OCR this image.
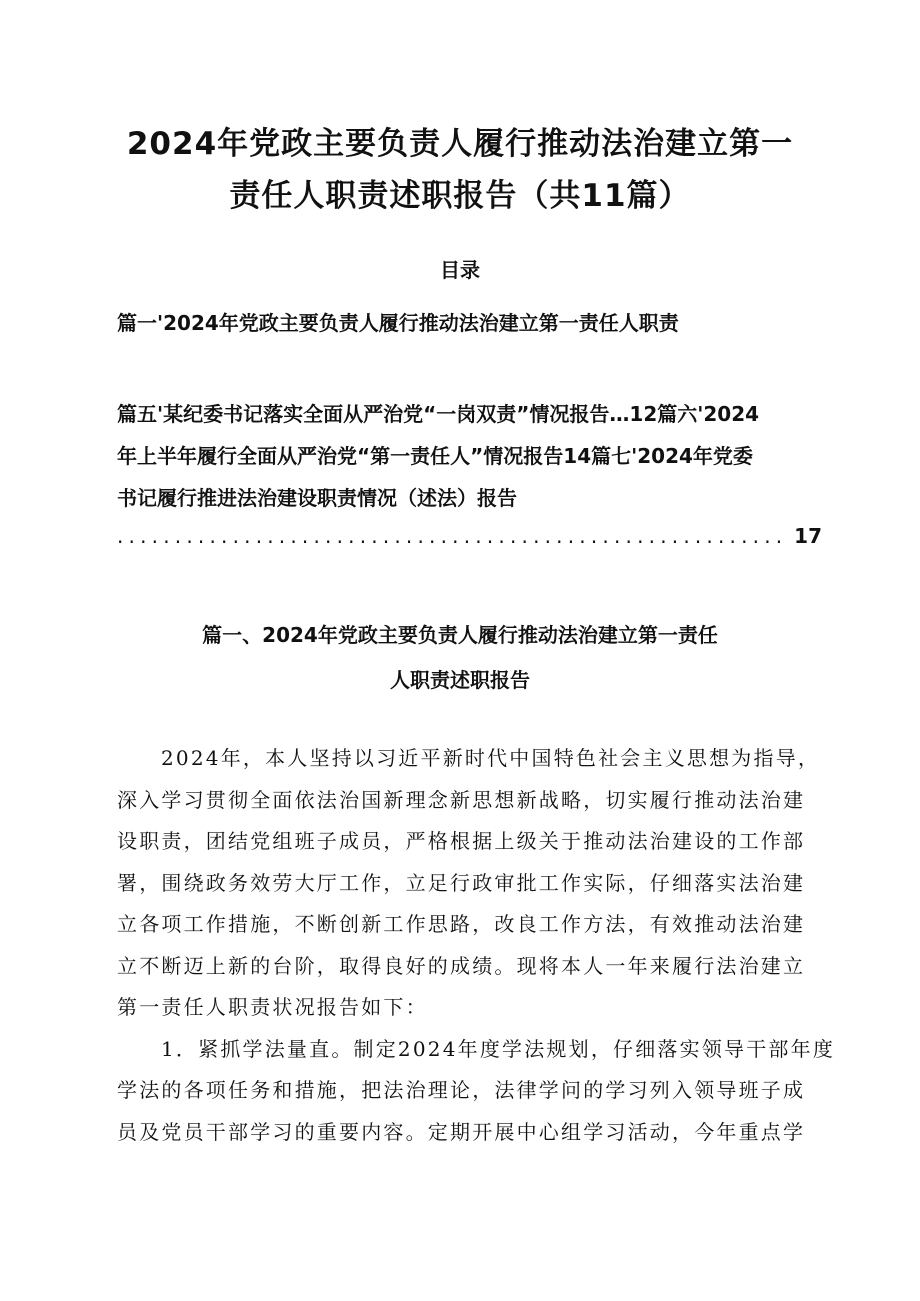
2024年党政主要负责人履行推动法治建立第一
责任人职责述职报告（共11篇）
目录
篇一'2024年党政主要负责人履行推动法治建立第一责任人职责
篇五'某纪委书记落实全面从严治党“一岗双责”情况报告…12篇六'2024
年上半年履行全面从严治党“第一责任人”情况报告14篇七'2024年党委
书记履行推进法治建设职责情况（述法）报告
.......................................................... 17
篇一、2024年党政主要负责人履行推动法治建立第一责任
人职责述职报告
2024年，本人坚持以习近平新时代中国特色社会主义思想为指导，
深入学习贯彻全面依法治国新理念新思想新战略，切实履行推动法治建
设职责，团结党组班子成员，严格根据上级关于推动法治建设的工作部
署，围绕政务效劳大厅工作，立足行政审批工作实际，仔细落实法治建
立各项工作措施，不断创新工作思路，改良工作方法，有效推动法治建
立不断迈上新的台阶，取得良好的成绩。现将本人一年来履行法治建立
第一责任人职责状况报告如下：
1．紧抓学法量直。制定2024年度学法规划，仔细落实领导干部年度
学法的各项任务和措施，把法治理论，法律学问的学习列入领导班子成
员及党员干部学习的重要内容。定期开展中心组学习活动，今年重点学
